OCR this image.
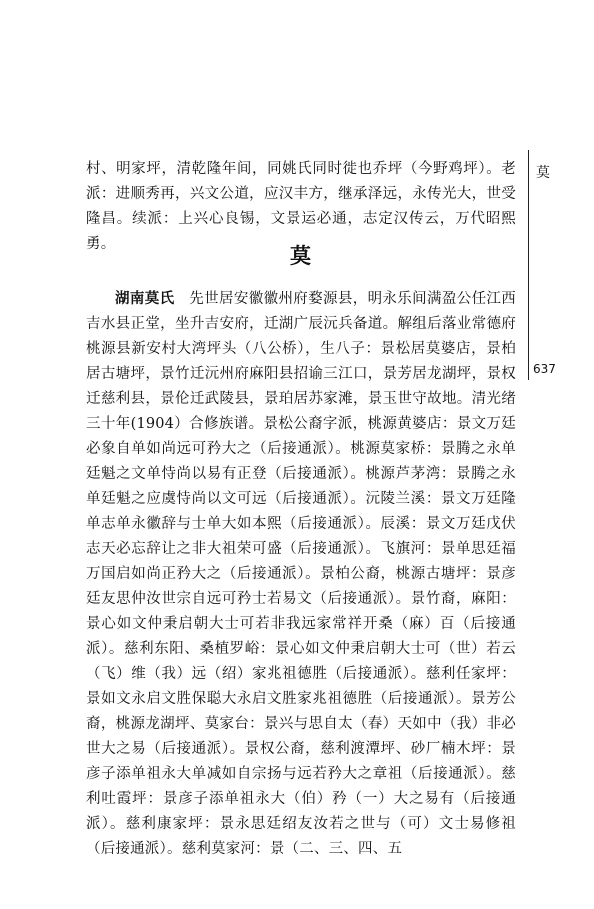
村、明家坪，清乾隆年间，同姚氏同时徙也乔坪（今野鸡坪）。老派：进顺秀再，兴文公道，应汉丰方，继承泽远，永传光大，世受隆昌。续派：上兴心良锡，文景运必通，志定汉传云，万代昭熙勇。	莫
湖南莫氏  先世居安徽徽州府婺源县，明永乐间满盈公任江西吉水县正堂，坐升吉安府，迁湖广辰沅兵备道。解组后落业常德府桃源县新安村大湾坪头（八公桥），生八子：景松居莫婆店，景柏居古塘坪，景竹迁沅州府麻阳县招谕三江口，景芳居龙湖坪，景权迁慈利县，景伦迁武陵县，景珀居苏家滩，景玉世守故地。清光绪三十年(1904）合修族谱。景松公裔字派，桃源黄婆店：景文万廷必象自单如尚远可矜大之（后接通派）。桃源莫家桥：景腾之永单廷魁之文单恃尚以易有正登（后接通派）。桃源芦茅湾：景腾之永单廷魁之应虞恃尚以文可远（后接通派）。沅陵兰溪：景文万廷隆单志单永徽辞与士单大如本熙（后接通派）。辰溪：景文万廷戊伏志天必忘辞让之非大祖荣可盛（后接通派）。飞旗河：景单思廷福万国启如尚正矜大之（后接通派）。景柏公裔，桃源古塘坪：景彦廷友思仲汝世宗自远可矜士若易文（后接通派）。景竹裔，麻阳：景心如文仲秉启朝大士可若非我远家常祥开桑（麻）百（后接通派）。慈利东阳、桑植罗峪：景心如文仲秉启朝大士可（世）若云（飞）维（我）远（绍）家兆祖德胜（后接通派）。慈利任家坪：景如文永启文胜保聪大永启文胜家兆祖德胜（后接通派）。景芳公裔，桃源龙湖坪、莫家台：景兴与思自太（春）天如中（我）非必世大之易（后接通派）。景权公裔，慈利渡潭坪、砂厂楠木坪：景彦子添单祖永大单减如自宗扬与远若矜大之章祖（后接通派）。慈利吐霞坪：景彦子添单祖永大（伯）矜（一）大之易有（后接通派）。慈利康家坪：景永思廷绍友汝若之世与（可）文士易修祖（后接通派）。慈利莫家河：景（二、三、四、五
莫
637
